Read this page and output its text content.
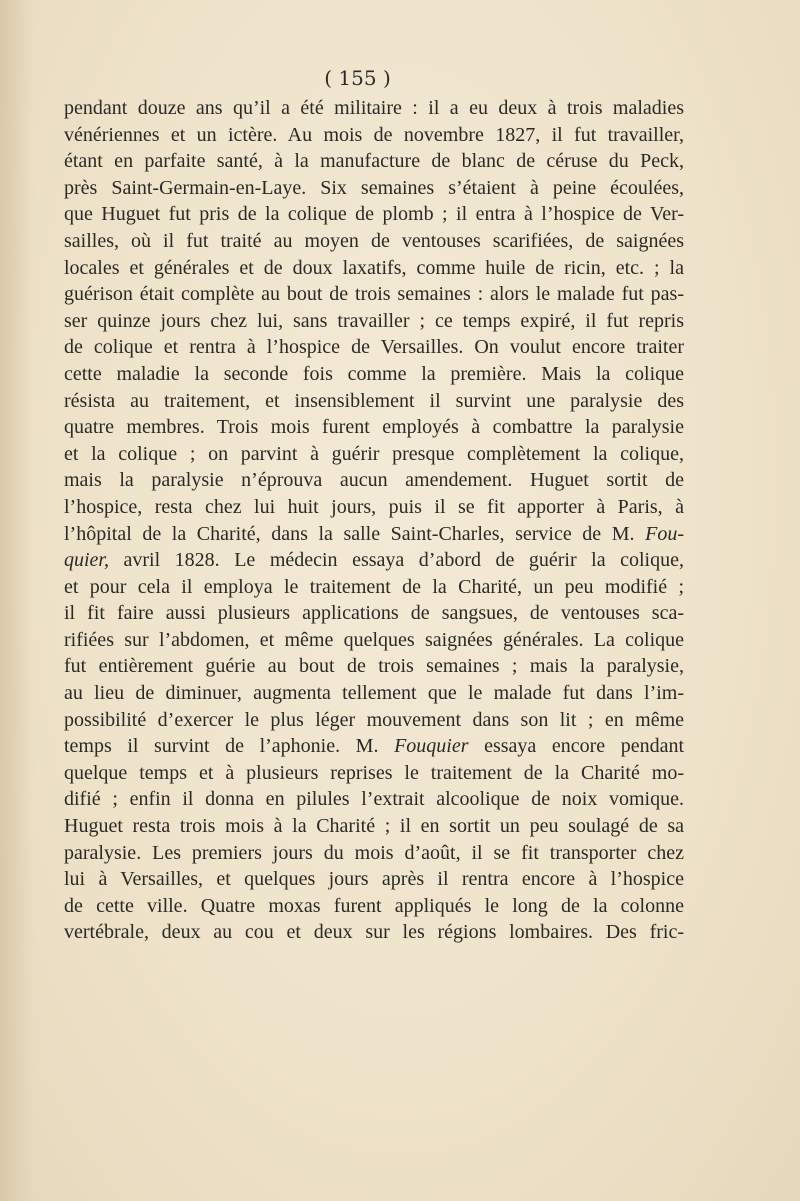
( 155 )
pendant douze ans qu’il a été militaire : il a eu deux à trois maladies
vénériennes et un ictère. Au mois de novembre 1827, il fut travailler,
étant en parfaite santé, à la manufacture de blanc de céruse du Peck,
près Saint-Germain-en-Laye. Six semaines s’étaient à peine écoulées,
que Huguet fut pris de la colique de plomb ; il entra à l’hospice de Ver-
sailles, où il fut traité au moyen de ventouses scarifiées, de saignées
locales et générales et de doux laxatifs, comme huile de ricin, etc. ; la
guérison était complète au bout de trois semaines : alors le malade fut pas-
ser quinze jours chez lui, sans travailler ; ce temps expiré, il fut repris
de colique et rentra à l’hospice de Versailles. On voulut encore traiter
cette maladie la seconde fois comme la première. Mais la colique
résista au traitement, et insensiblement il survint une paralysie des
quatre membres. Trois mois furent employés à combattre la paralysie
et la colique ; on parvint à guérir presque complètement la colique,
mais la paralysie n’éprouva aucun amendement. Huguet sortit de
l’hospice, resta chez lui huit jours, puis il se fit apporter à Paris, à
l’hôpital de la Charité, dans la salle Saint-Charles, service de M. Fou-
quier, avril 1828. Le médecin essaya d’abord de guérir la colique,
et pour cela il employa le traitement de la Charité, un peu modifié ;
il fit faire aussi plusieurs applications de sangsues, de ventouses sca-
rifiées sur l’abdomen, et même quelques saignées générales. La colique
fut entièrement guérie au bout de trois semaines ; mais la paralysie,
au lieu de diminuer, augmenta tellement que le malade fut dans l’im-
possibilité d’exercer le plus léger mouvement dans son lit ; en même
temps il survint de l’aphonie. M. Fouquier essaya encore pendant
quelque temps et à plusieurs reprises le traitement de la Charité mo-
difié ; enfin il donna en pilules l’extrait alcoolique de noix vomique.
Huguet resta trois mois à la Charité ; il en sortit un peu soulagé de sa
paralysie. Les premiers jours du mois d’août, il se fit transporter chez
lui à Versailles, et quelques jours après il rentra encore à l’hospice
de cette ville. Quatre moxas furent appliqués le long de la colonne
vertébrale, deux au cou et deux sur les régions lombaires. Des fric-
